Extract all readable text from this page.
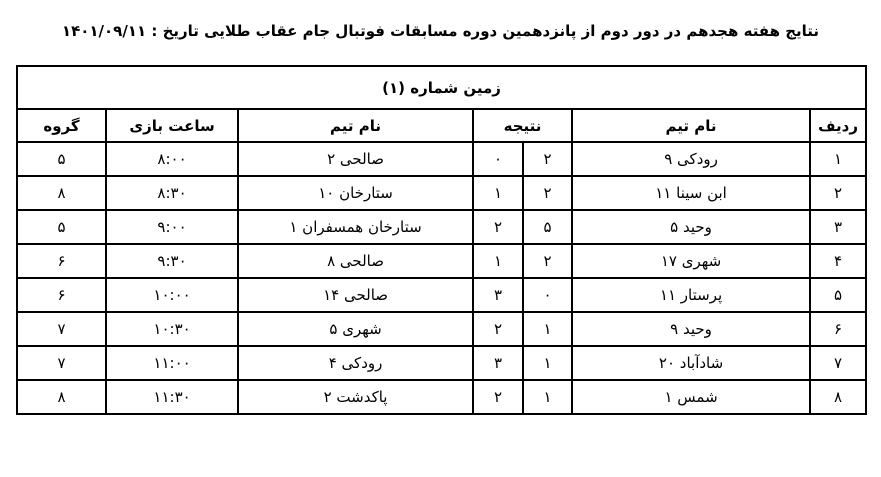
نتایج هفته هجدهم در دور دوم از پانزدهمین دوره مسابقات فوتبال جام عقاب طلایی تاریخ : ۱۴۰۱/۰۹/۱۱
زمین شماره (۱)						
ردیف	نام تیم	نتیجه		نام تیم	ساعت بازی	گروه
۱	رودکی ۹	۲	۰	صالحی ۲	۸:۰۰	۵
۲	ابن سینا ۱۱	۲	۱	ستارخان ۱۰	۸:۳۰	۸
۳	وحید ۵	۵	۲	ستارخان همسفران ۱	۹:۰۰	۵
۴	شهری ۱۷	۲	۱	صالحی ۸	۹:۳۰	۶
۵	پرستار ۱۱	۰	۳	صالحی ۱۴	۱۰:۰۰	۶
۶	وحید ۹	۱	۲	شهری ۵	۱۰:۳۰	۷
۷	شادآباد ۲۰	۱	۳	رودکی ۴	۱۱:۰۰	۷
۸	شمس ۱	۱	۲	پاکدشت ۲	۱۱:۳۰	۸
